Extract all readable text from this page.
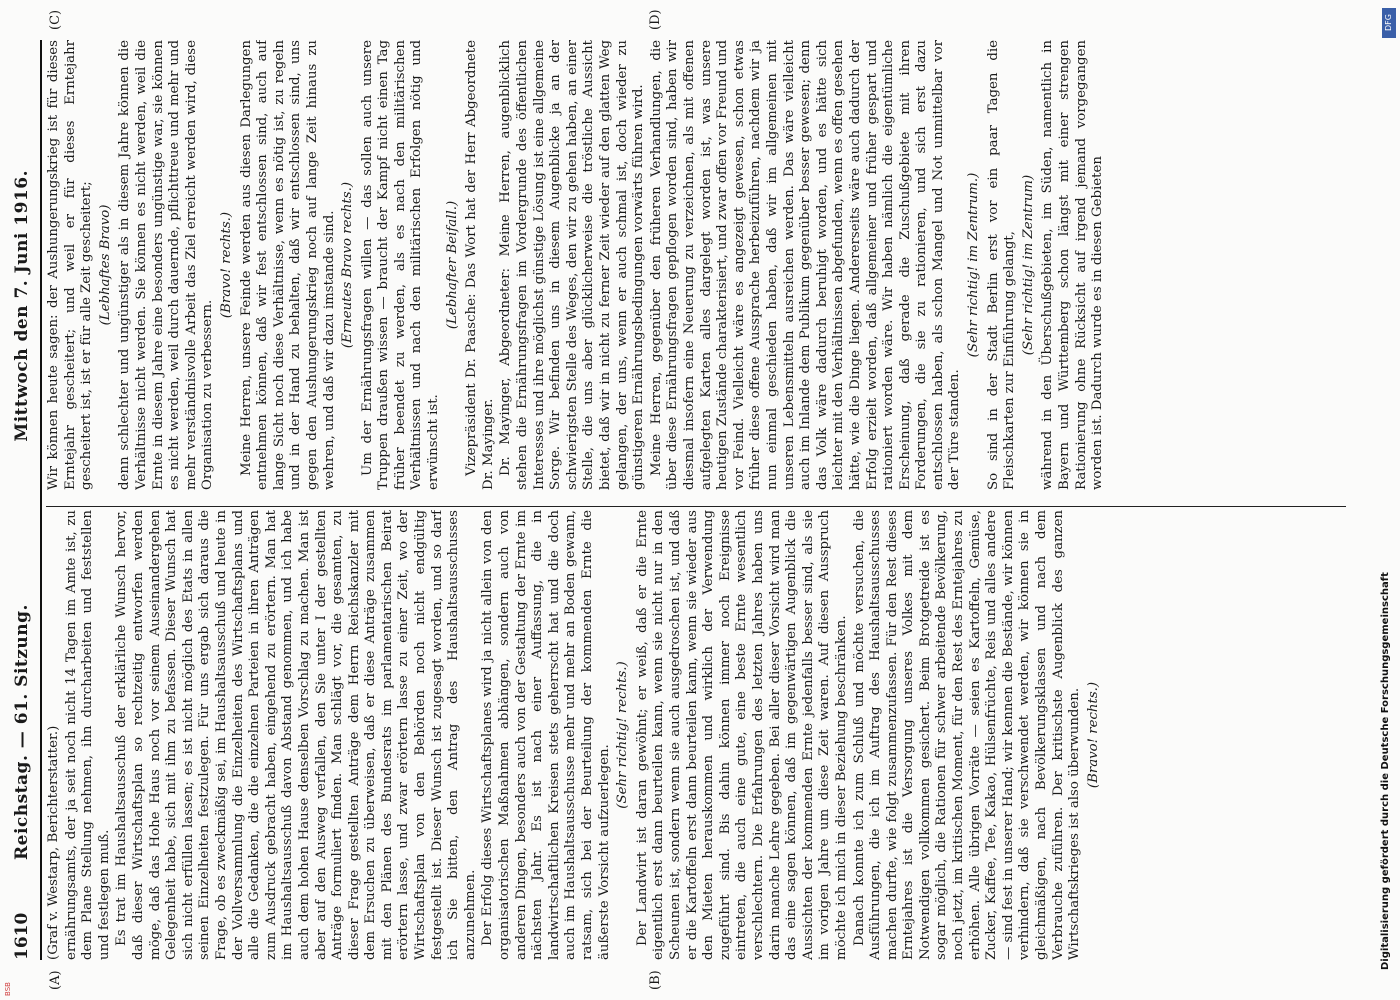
1610
Reichstag. — 61. Sitzung.
Mittwoch den 7. Juni 1916.
(A)	(B)
(C)	(D)

(Graf v. Westarp, Berichterstatter.) ernährungsamts, der ja seit noch nicht 14 Tagen im Amte ist, zu dem Plane Stellung nehmen, ihn durcharbeiten und feststellen und festlegen muß. Es trat im Haushaltsausschuß der erklärliche Wunsch hervor, daß dieser Wirtschaftsplan so rechtzeitig entworfen werden möge, daß das Hohe Haus noch vor seinem Auseinandergehen Gelegenheit habe, sich mit ihm zu befassen. Dieser Wunsch hat sich nicht erfüllen lassen; es ist nicht möglich des Etats in allen seinen Einzelheiten festzulegen. Für uns ergab sich daraus die Frage, ob es zweckmäßig sei, im Haushaltsausschuß und heute in der Vollversammlung die Einzelheiten des Wirtschaftsplans und alle die Gedanken, die die einzelnen Parteien in ihren Anträgen zum Ausdruck gebracht haben, eingehend zu erörtern. Man hat im Haushaltsausschuß davon Abstand genommen, und ich habe auch dem hohen Hause denselben Vorschlag zu machen. Man ist aber auf den Ausweg verfallen, den Sie unter I der gestellten Anträge formuliert finden. Man schlägt vor, die gesamten, zu dieser Frage gestellten Anträge dem Herrn Reichskanzler mit dem Ersuchen zu überweisen, daß er diese Anträge zusammen mit den Plänen des Bundesrats im parlamentarischen Beirat erörtern lasse, und zwar erörtern lasse zu einer Zeit, wo der Wirtschaftsplan von den Behörden noch nicht endgültig festgestellt ist. Dieser Wunsch ist zugesagt worden, und so darf ich Sie bitten, den Antrag des Haushaltsausschusses anzunehmen. Der Erfolg dieses Wirtschaftsplanes wird ja nicht allein von den organisatorischen Maßnahmen abhängen, sondern auch von anderen Dingen, besonders auch von der Gestaltung der Ernte im nächsten Jahr. Es ist nach einer Auffassung, die in landwirtschaftlichen Kreisen stets geherrscht hat und die doch auch im Haushaltsausschusse mehr und mehr an Boden gewann, ratsam, sich bei der Beurteilung der kommenden Ernte die äußerste Vorsicht aufzuerlegen.

(Sehr richtig! rechts.) Der Landwirt ist daran gewöhnt; er weiß, daß er die Ernte eigentlich erst dann beurteilen kann, wenn sie nicht nur in den Scheunen ist, sondern wenn sie auch ausgedroschen ist, und daß er die Kartoffeln erst dann beurteilen kann, wenn sie wieder aus den Mieten herauskommen und wirklich der Verwendung zugeführt sind. Bis dahin können immer noch Ereignisse eintreten, die auch eine gute, eine beste Ernte wesentlich verschlechtern. Die Erfahrungen des letzten Jahres haben uns darin manche Lehre gegeben. Bei aller dieser Vorsicht wird man das eine sagen können, daß im gegenwärtigen Augenblick die Aussichten der kommenden Ernte jedenfalls besser sind, als sie im vorigen Jahre um diese Zeit waren. Auf diesen Ausspruch möchte ich mich in dieser Beziehung beschränken. Danach konnte ich zum Schluß und möchte versuchen, die Ausführungen, die ich im Auftrag des Haushaltsausschusses machen durfte, wie folgt zusammenzufassen. Für den Rest dieses Erntejahres ist die Versorgung unseres Volkes mit dem Notwendigen vollkommen gesichert. Beim Brotgetreide ist es sogar möglich, die Rationen für schwer arbeitende Bevölkerung, noch jetzt, im kritischen Moment, für den Rest des Erntejahres zu erhöhen. Alle übrigen Vorräte — seien es Kartoffeln, Gemüse, Zucker, Kaffee, Tee, Kakao, Hülsenfrüchte, Reis und alles andere — sind fest in unserer Hand; wir kennen die Bestände, wir können verhindern, daß sie verschwendet werden, wir können sie in gleichmäßigen, nach Bevölkerungsklassen und nach dem Verbrauche zuführen. Der kritischste Augenblick des ganzen Wirtschaftskrieges ist also überwunden. (Bravo! rechts.)

Wir können heute sagen: der Aushungerungskrieg ist für dieses Erntejahr gescheitert; und weil er für dieses Erntejahr gescheitert ist, ist er für alle Zeit gescheitert; (Lebhaftes Bravo) denn schlechter und ungünstiger als in diesem Jahre können die Verhältnisse nicht werden. Sie können es nicht werden, weil die Ernte in diesem Jahre eine besonders ungünstige war, sie können es nicht werden, weil durch dauernde, pflichttreue und mehr und mehr verständnisvolle Arbeit das Ziel erreicht werden wird, diese Organisation zu verbessern.

(Bravo! rechts.) Meine Herren, unsere Feinde werden aus diesen Darlegungen entnehmen können, daß wir fest entschlossen sind, auch auf lange Sicht noch diese Verhältnisse, wenn es nötig ist, zu regeln und in der Hand zu behalten, daß wir entschlossen sind, uns gegen den Aushungerungskrieg noch auf lange Zeit hinaus zu wehren, und daß wir dazu imstande sind. (Erneutes Bravo rechts.) Um der Ernährungsfragen willen — das sollen auch unsere Truppen draußen wissen — braucht der Kampf nicht einen Tag früher beendet zu werden, als es nach den militärischen Verhältnissen und nach den militärischen Erfolgen nötig und erwünscht ist.

(Lebhafter Beifall.) Vizepräsident Dr. Paasche: Das Wort hat der Herr Abgeordnete Dr. Mayinger. Dr. Mayinger, Abgeordneter: Meine Herren, augenblicklich stehen die Ernährungsfragen im Vordergrunde des öffentlichen Interesses und ihre möglichst günstige Lösung ist eine allgemeine Sorge. Wir befinden uns in diesem Augenblicke ja an der schwierigsten Stelle des Weges, den wir zu gehen haben, an einer Stelle, die uns aber glücklicherweise die tröstliche Aussicht bietet, daß wir in nicht zu ferner Zeit wieder auf den glatten Weg gelangen, der uns, wenn er auch schmal ist, doch wieder zu günstigeren Ernährungsbedingungen vorwärts führen wird. Meine Herren, gegenüber den früheren Verhandlungen, die über diese Ernährungsfragen gepflogen worden sind, haben wir diesmal insofern eine Neuerung zu verzeichnen, als mit offenen aufgelegten Karten alles dargelegt worden ist, was unsere heutigen Zustände charakterisiert, und zwar offen vor Freund und vor Feind. Vielleicht wäre es angezeigt gewesen, schon etwas früher diese offene Aussprache herbeizuführen, nachdem wir ja nun einmal geschieden haben, daß wir im allgemeinen mit unseren Lebensmitteln ausreichen werden. Das wäre vielleicht auch im Inlande dem Publikum gegenüber besser gewesen; denn das Volk wäre dadurch beruhigt worden, und es hätte sich leichter mit den Verhältnissen abgefunden, wenn es offen gesehen hätte, wie die Dinge liegen. Andererseits wäre auch dadurch der Erfolg erzielt worden, daß allgemeiner und früher gespart und rationiert worden wäre. Wir haben nämlich die eigentümliche Erscheinung, daß gerade die Zuschußgebiete mit ihren Forderungen, die sie zu rationieren, und sich erst dazu entschlossen haben, als schon Mangel und Not unmittelbar vor der Türe standen.

(Sehr richtig! im Zentrum.) So sind in der Stadt Berlin erst vor ein paar Tagen die Fleischkarten zur Einführung gelangt, (Sehr richtig! im Zentrum) während in den Überschußgebieten, im Süden, namentlich in Bayern und Württemberg schon längst mit einer strengen Rationierung ohne Rücksicht auf irgend jemand vorgegangen worden ist. Dadurch wurde es in diesen Gebieten

DFG
Digitalisierung gefördert durch die Deutsche Forschungsgemeinschaft
BSB
